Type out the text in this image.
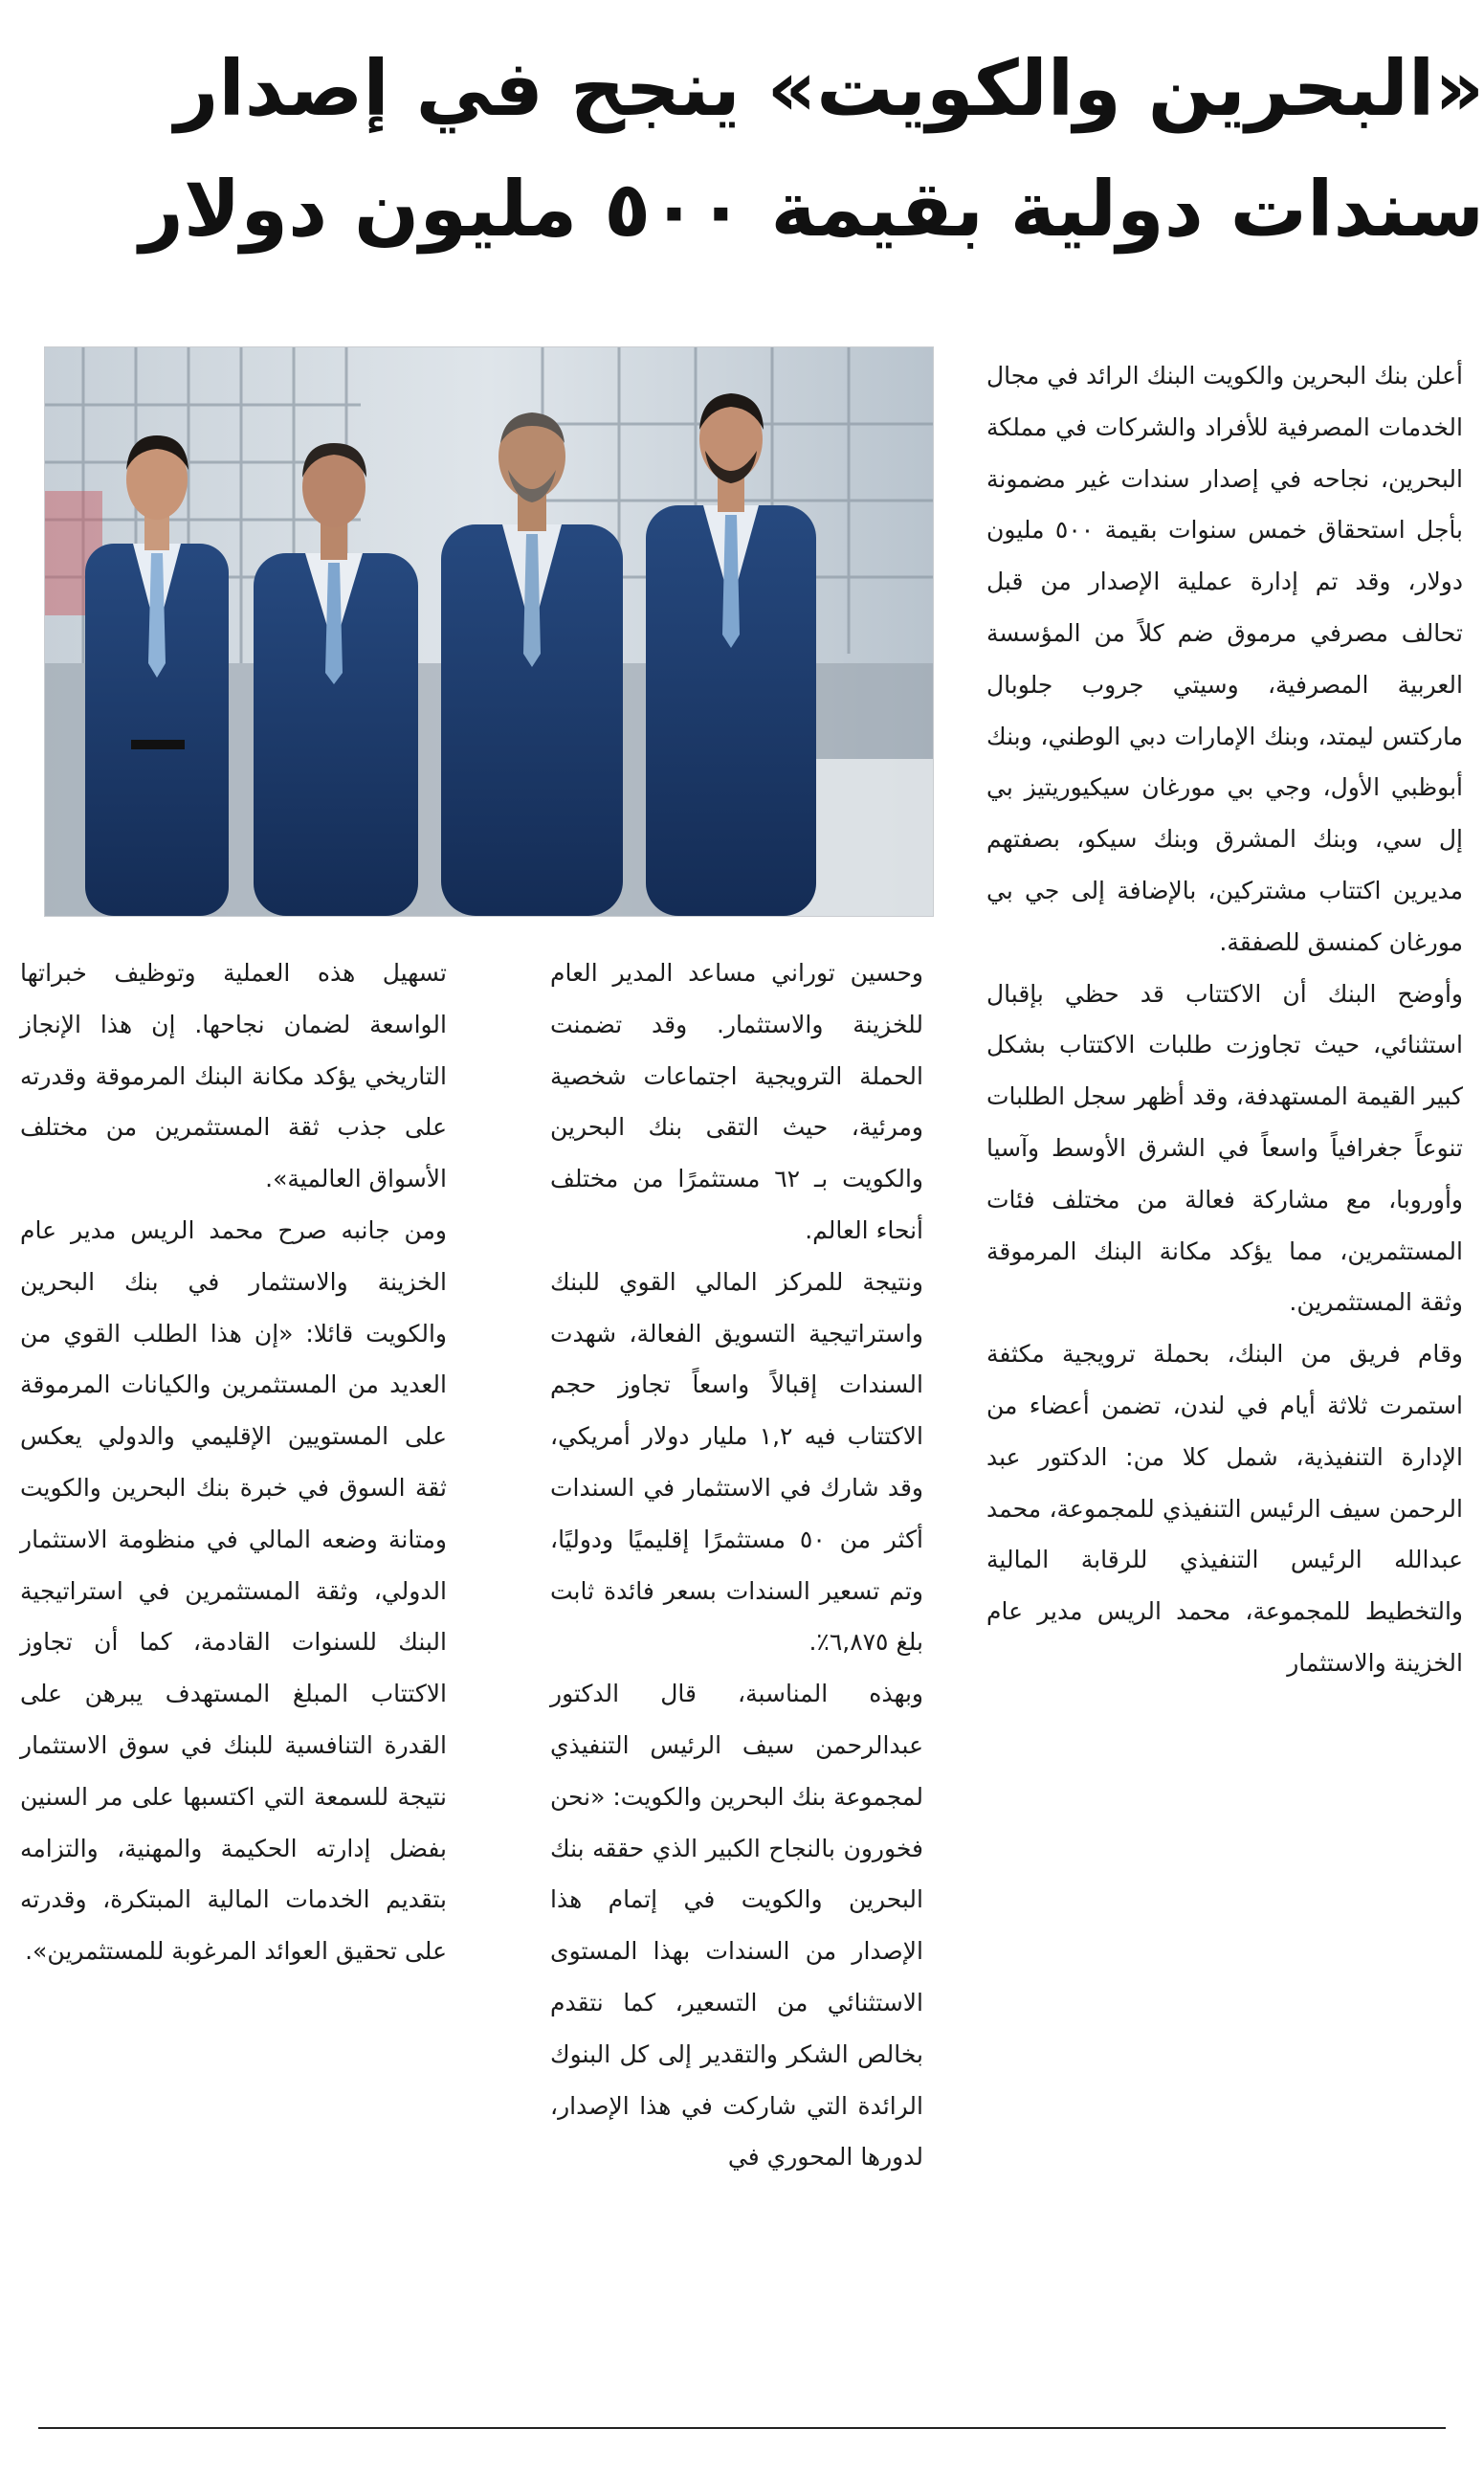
«البحرين والكويت» ينجح في إصدار
سندات دولية بقيمة ٥٠٠ مليون دولار

أعلن بنك البحرين والكويت البنك الرائد في مجال الخدمات المصرفية للأفراد والشركات في مملكة البحرين، نجاحه في إصدار سندات غير مضمونة بأجل استحقاق خمس سنوات بقيمة ٥٠٠ مليون دولار، وقد تم إدارة عملية الإصدار من قبل تحالف مصرفي مرموق ضم كلاً من المؤسسة العربية المصرفية، وسيتي جروب جلوبال ماركتس ليمتد، وبنك الإمارات دبي الوطني، وبنك أبوظبي الأول، وجي بي مورغان سيكيوريتيز بي إل سي، وبنك المشرق وبنك سيكو، بصفتهم مديرين اكتتاب مشتركين، بالإضافة إلى جي بي مورغان كمنسق للصفقة.
وأوضح البنك أن الاكتتاب قد حظي بإقبال استثنائي، حيث تجاوزت طلبات الاكتتاب بشكل كبير القيمة المستهدفة، وقد أظهر سجل الطلبات تنوعاً جغرافياً واسعاً في الشرق الأوسط وآسيا وأوروبا، مع مشاركة فعالة من مختلف فئات المستثمرين، مما يؤكد مكانة البنك المرموقة وثقة المستثمرين.
وقام فريق من البنك، بحملة ترويجية مكثفة استمرت ثلاثة أيام في لندن، تضمن أعضاء من الإدارة التنفيذية، شمل كلا من: الدكتور عبد الرحمن سيف الرئيس التنفيذي للمجموعة، محمد عبدالله الرئيس التنفيذي للرقابة المالية والتخطيط للمجموعة، محمد الريس مدير عام الخزينة والاستثمار

وحسين توراني مساعد المدير العام للخزينة والاستثمار. وقد تضمنت الحملة الترويجية اجتماعات شخصية ومرئية، حيث التقى بنك البحرين والكويت بـ ٦٢ مستثمرًا من مختلف أنحاء العالم.
ونتيجة للمركز المالي القوي للبنك واستراتيجية التسويق الفعالة، شهدت السندات إقبالاً واسعاً تجاوز حجم الاكتتاب فيه ١,٢ مليار دولار أمريكي، وقد شارك في الاستثمار في السندات أكثر من ٥٠ مستثمرًا إقليميًا ودوليًا، وتم تسعير السندات بسعر فائدة ثابت بلغ ٦,٨٧٥٪.
وبهذه المناسبة، قال الدكتور عبدالرحمن سيف الرئيس التنفيذي لمجموعة بنك البحرين والكويت: «نحن فخورون بالنجاح الكبير الذي حققه بنك البحرين والكويت في إتمام هذا الإصدار من السندات بهذا المستوى الاستثنائي من التسعير، كما نتقدم بخالص الشكر والتقدير إلى كل البنوك الرائدة التي شاركت في هذا الإصدار، لدورها المحوري في

تسهيل هذه العملية وتوظيف خبراتها الواسعة لضمان نجاحها. إن هذا الإنجاز التاريخي يؤكد مكانة البنك المرموقة وقدرته على جذب ثقة المستثمرين من مختلف الأسواق العالمية».
ومن جانبه صرح محمد الريس مدير عام الخزينة والاستثمار في بنك البحرين والكويت قائلا: «إن هذا الطلب القوي من العديد من المستثمرين والكيانات المرموقة على المستويين الإقليمي والدولي يعكس ثقة السوق في خبرة بنك البحرين والكويت ومتانة وضعه المالي في منظومة الاستثمار الدولي، وثقة المستثمرين في استراتيجية البنك للسنوات القادمة، كما أن تجاوز الاكتتاب المبلغ المستهدف يبرهن على القدرة التنافسية للبنك في سوق الاستثمار نتيجة للسمعة التي اكتسبها على مر السنين بفضل إدارته الحكيمة والمهنية، والتزامه بتقديم الخدمات المالية المبتكرة، وقدرته على تحقيق العوائد المرغوبة للمستثمرين».
